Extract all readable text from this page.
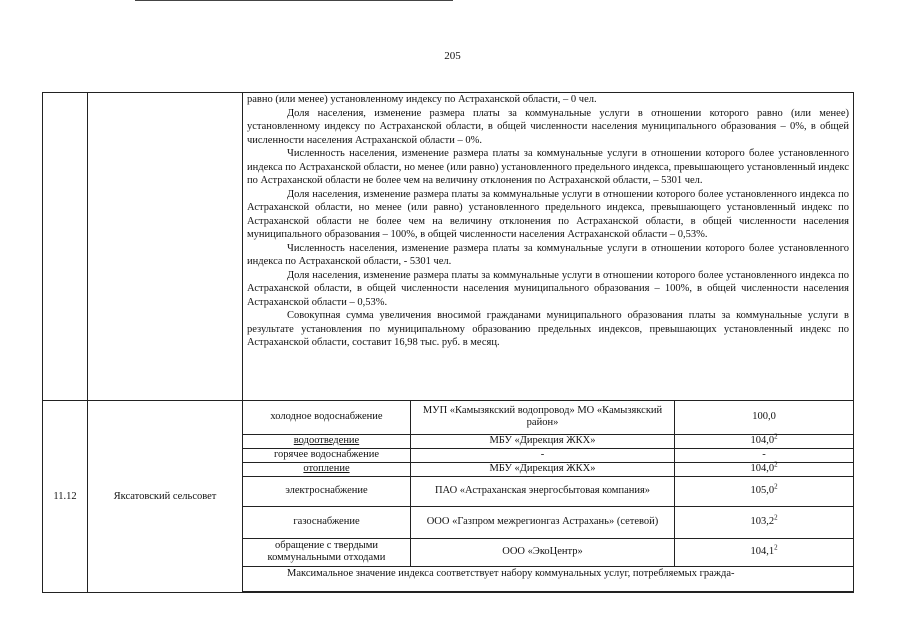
205

равно (или менее) установленному индексу по Астраханской области, – 0 чел.

Доля населения, изменение размера платы за коммунальные услуги в отношении которого равно (или менее) установленному индексу по Астраханской области, в общей численности населения муниципального образования – 0%, в общей численности населения Астраханской области – 0%.

Численность населения, изменение размера платы за коммунальные услуги в отношении которого более установленного индекса по Астраханской области, но менее (или равно) установленного предельного индекса, превышающего установленный индекс по Астраханской области не более чем на величину отклонения по Астраханской области, – 5301 чел.

Доля населения, изменение размера платы за коммунальные услуги в отношении которого более установленного индекса по Астраханской области, но менее (или равно) установленного предельного индекса, превышающего установленный индекс по Астраханской области не более чем на величину отклонения по Астраханской области, в общей численности населения муниципального образования – 100%, в общей численности населения Астраханской области – 0,53%.

Численность населения, изменение размера платы за коммунальные услуги в отношении которого более установленного индекса по Астраханской области, - 5301 чел.

Доля населения, изменение размера платы за коммунальные услуги в отношении которого более установленного индекса по Астраханской области, в общей численности населения муниципального образования – 100%, в общей численности населения Астраханской области – 0,53%.

Совокупная сумма увеличения вносимой гражданами муниципального образования платы за коммунальные услуги в результате установления по муниципальному образованию предельных индексов, превышающих установленный индекс по Астраханской области, составит 16,98 тыс. руб. в месяц.

11.12	Яксатовский сельсовет	
холодное водоснабжение	МУП «Камызякский водопровод» МО «Камызякский район»	100,0
водоотведение	МБУ «Дирекция ЖКХ»	104,0$^2$
горячее водоснабжение	-	-
отопление	МБУ «Дирекция ЖКХ»	104,0$^2$
электроснабжение	ПАО «Астраханская энергосбытовая компания»	105,0$^2$
газоснабжение	ООО «Газпром межрегионгаз Астрахань» (сетевой)	103,2$^2$
обращение с твердыми коммунальными отходами	ООО «ЭкоЦентр»	104,1$^2$

Максимальное значение индекса соответствует набору коммунальных услуг, потребляемых гражда-
